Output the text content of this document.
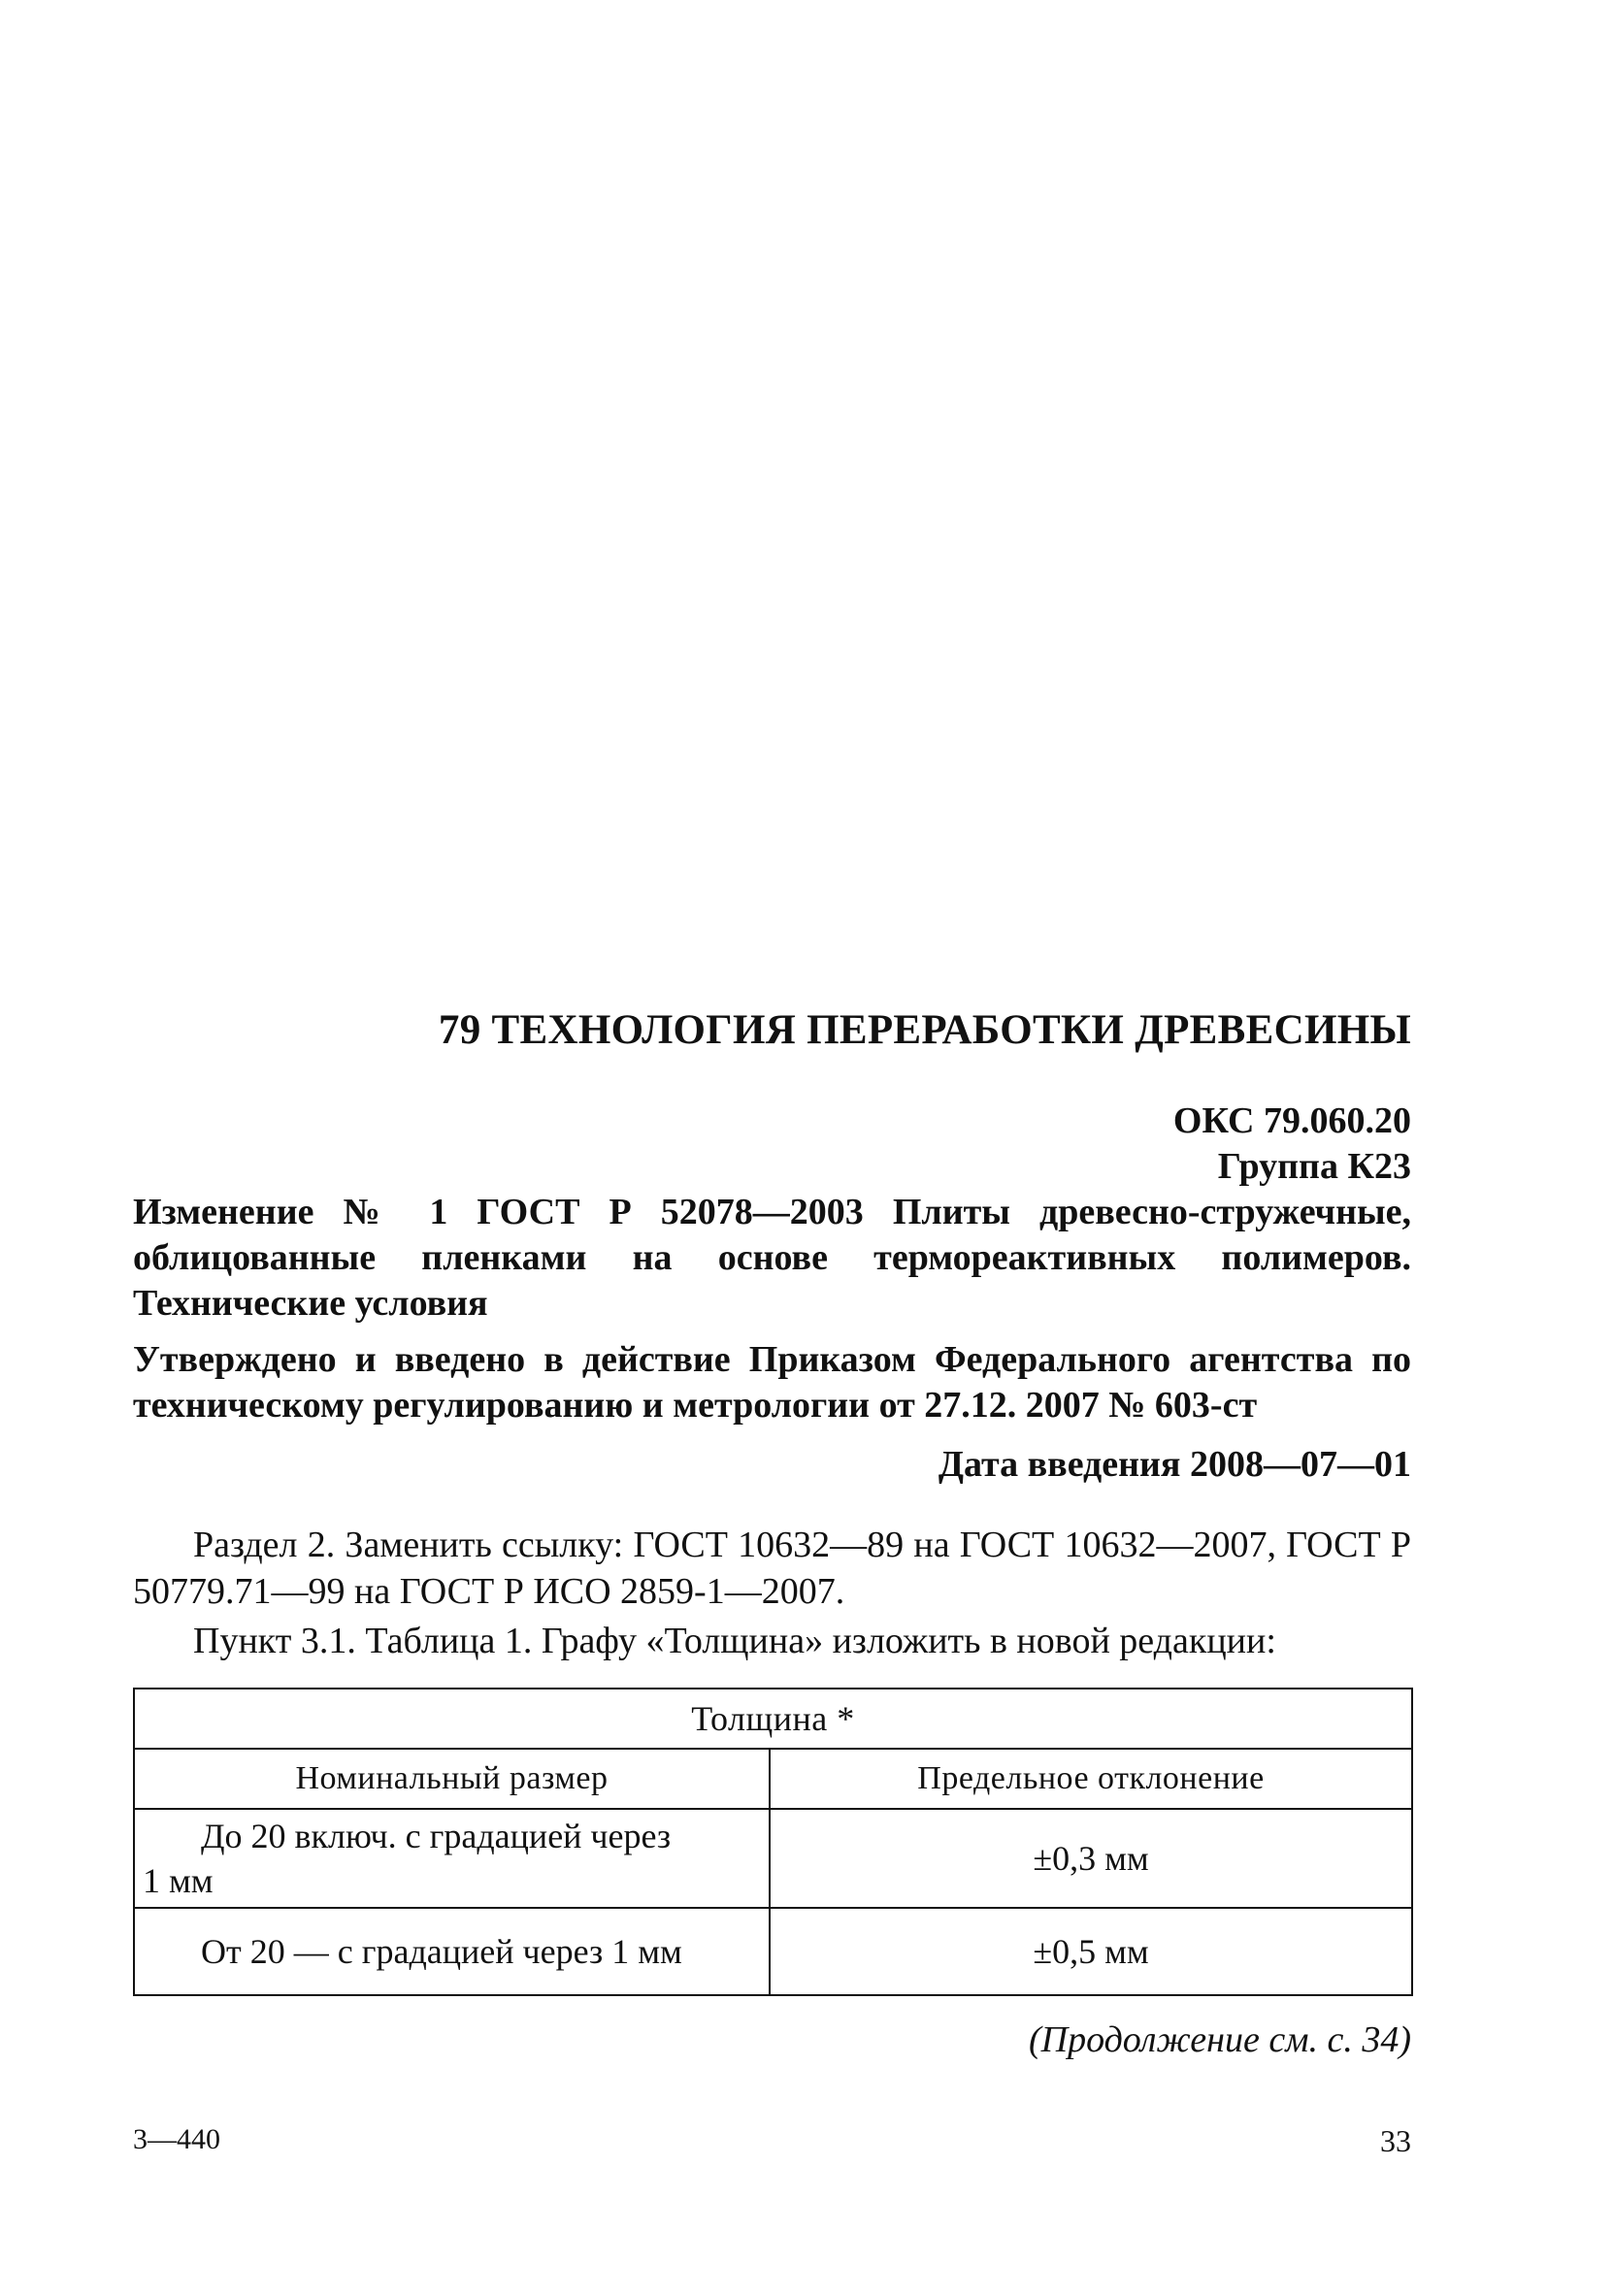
79 ТЕХНОЛОГИЯ ПЕРЕРАБОТКИ ДРЕВЕСИНЫ
ОКС 79.060.20
Группа К23
Изменение № 1 ГОСТ Р 52078—2003 Плиты древесно-стружечные, облицованные пленками на основе термореактивных полимеров. Технические условия
Утверждено и введено в действие Приказом Федерального агентства по техническому регулированию и метрологии от 27.12. 2007 № 603-ст
Дата введения 2008—07—01
Раздел 2. Заменить ссылку: ГОСТ 10632—89 на ГОСТ 10632—2007, ГОСТ Р 50779.71—99 на ГОСТ Р ИСО 2859-1—2007.
Пункт 3.1. Таблица 1. Графу «Толщина» изложить в новой редакции:
Толщина *	
Номинальный размер	Предельное отклонение

До 20 включ. с градацией через
1 мм	±0,3 мм

От 20 — с градацией через 1 мм	±0,5 мм
(Продолжение см. с. 34)
3—440	33
